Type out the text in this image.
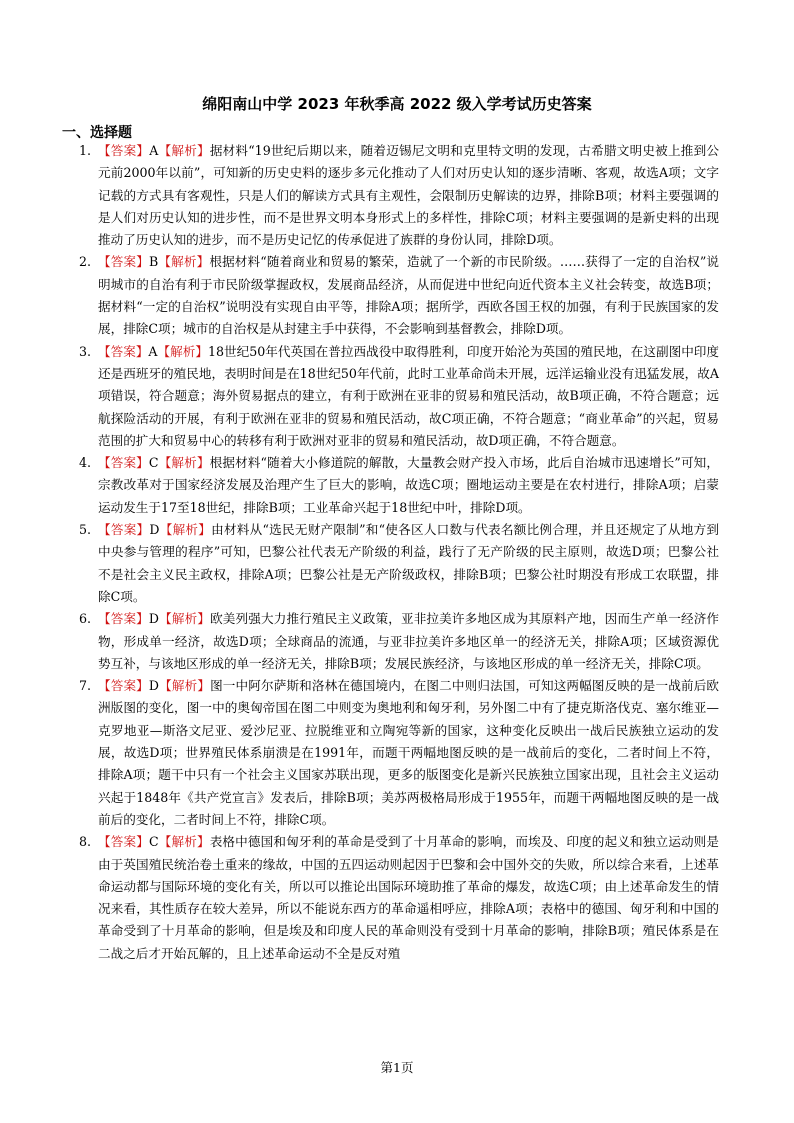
绵阳南山中学 2023 年秋季高 2022 级入学考试历史答案
一、选择题

1. 【答案】A【解析】据材料“19世纪后期以来，随着迈锡尼文明和克里特文明的发现，古希腊文明史被上推到公元前2000年以前”，可知新的历史史料的逐步多元化推动了人们对历史认知的逐步清晰、客观，故选A项；文字记载的方式具有客观性，只是人们的解读方式具有主观性，会限制历史解读的边界，排除B项；材料主要强调的是人们对历史认知的进步性，而不是世界文明本身形式上的多样性，排除C项；材料主要强调的是新史料的出现推动了历史认知的进步，而不是历史记忆的传承促进了族群的身份认同，排除D项。

2. 【答案】B【解析】根据材料“随着商业和贸易的繁荣，造就了一个新的市民阶级。……获得了一定的自治权”说明城市的自治有利于市民阶级掌握政权，发展商品经济，从而促进中世纪向近代资本主义社会转变，故选B项；据材料“一定的自治权”说明没有实现自由平等，排除A项；据所学，西欧各国王权的加强，有利于民族国家的发展，排除C项；城市的自治权是从封建主手中获得，不会影响到基督教会，排除D项。

3. 【答案】A【解析】18世纪50年代英国在普拉西战役中取得胜利，印度开始沦为英国的殖民地，在这副图中印度还是西班牙的殖民地，表明时间是在18世纪50年代前，此时工业革命尚未开展，远洋运输业没有迅猛发展，故A项错误，符合题意；海外贸易据点的建立，有利于欧洲在亚非的贸易和殖民活动，故B项正确，不符合题意；远航探险活动的开展，有利于欧洲在亚非的贸易和殖民活动，故C项正确，不符合题意；“商业革命”的兴起，贸易范围的扩大和贸易中心的转移有利于欧洲对亚非的贸易和殖民活动，故D项正确，不符合题意。

4. 【答案】C【解析】根据材料“随着大小修道院的解散，大量教会财产投入市场，此后自治城市迅速增长”可知，宗教改革对于国家经济发展及治理产生了巨大的影响，故选C项；圈地运动主要是在农村进行，排除A项；启蒙运动发生于17至18世纪，排除B项；工业革命兴起于18世纪中叶，排除D项。

5. 【答案】D【解析】由材料从“选民无财产限制”和“使各区人口数与代表名额比例合理，并且还规定了从地方到中央参与管理的程序”可知，巴黎公社代表无产阶级的利益，践行了无产阶级的民主原则，故选D项；巴黎公社不是社会主义民主政权，排除A项；巴黎公社是无产阶级政权，排除B项；巴黎公社时期没有形成工农联盟，排除C项。

6. 【答案】D【解析】欧美列强大力推行殖民主义政策，亚非拉美许多地区成为其原料产地，因而生产单一经济作物，形成单一经济，故选D项；全球商品的流通，与亚非拉美许多地区单一的经济无关，排除A项；区域资源优势互补，与该地区形成的单一经济无关，排除B项；发展民族经济，与该地区形成的单一经济无关，排除C项。

7. 【答案】D【解析】图一中阿尔萨斯和洛林在德国境内，在图二中则归法国，可知这两幅图反映的是一战前后欧洲版图的变化，图一中的奥匈帝国在图二中则变为奥地利和匈牙利，另外图二中有了捷克斯洛伐克、塞尔维亚—克罗地亚—斯洛文尼亚、爱沙尼亚、拉脱维亚和立陶宛等新的国家，这种变化反映出一战后民族独立运动的发展，故选D项；世界殖民体系崩溃是在1991年，而题干两幅地图反映的是一战前后的变化，二者时间上不符，排除A项；题干中只有一个社会主义国家苏联出现，更多的版图变化是新兴民族独立国家出现，且社会主义运动兴起于1848年《共产党宣言》发表后，排除B项；美苏两极格局形成于1955年，而题干两幅地图反映的是一战前后的变化，二者时间上不符，排除C项。

8. 【答案】C【解析】表格中德国和匈牙利的革命是受到了十月革命的影响，而埃及、印度的起义和独立运动则是由于英国殖民统治卷土重来的缘故，中国的五四运动则起因于巴黎和会中国外交的失败，所以综合来看，上述革命运动都与国际环境的变化有关，所以可以推论出国际环境助推了革命的爆发，故选C项；由上述革命发生的情况来看，其性质存在较大差异，所以不能说东西方的革命遥相呼应，排除A项；表格中的德国、匈牙利和中国的革命受到了十月革命的影响，但是埃及和印度人民的革命则没有受到十月革命的影响，排除B项；殖民体系是在二战之后才开始瓦解的，且上述革命运动不全是反对殖

第1页
